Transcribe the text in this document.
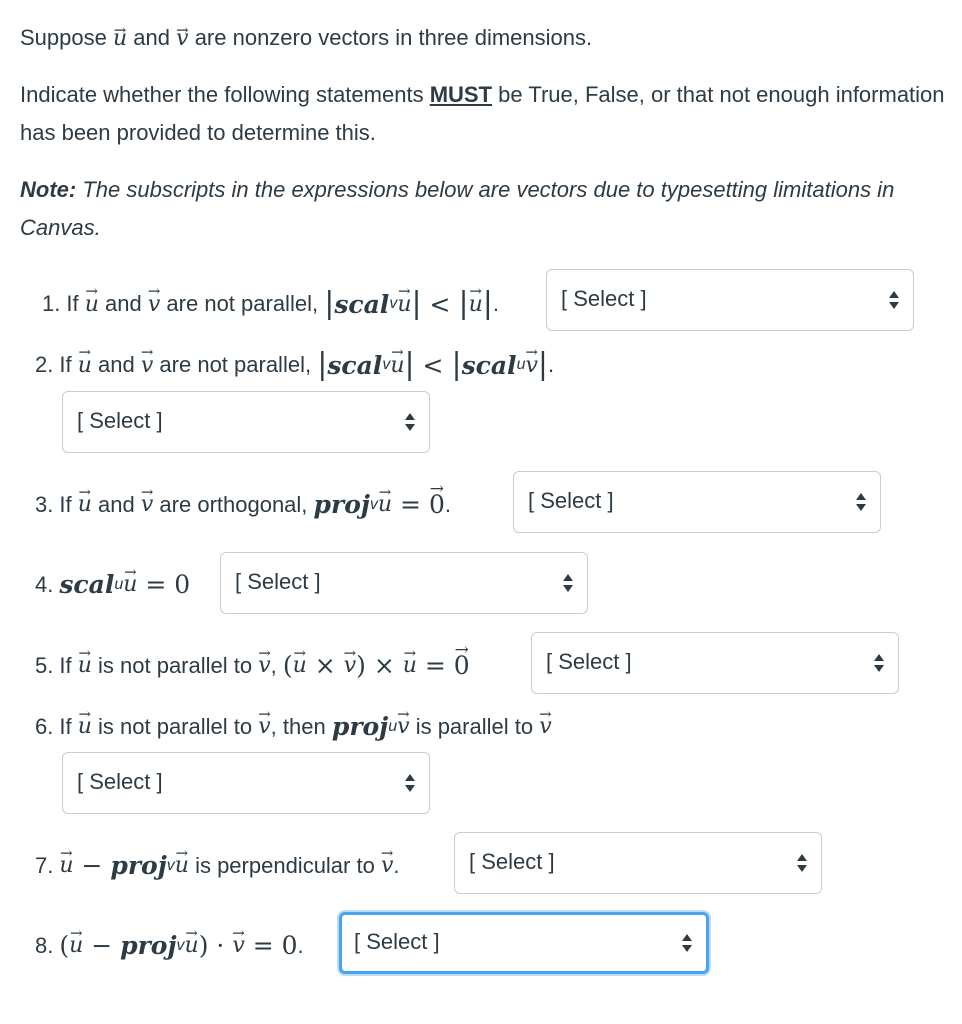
Suppose → u and → v are nonzero vectors in three dimensions.

Indicate whether the following statements MUST be True, False, or that not enough information has been provided to determine this.

Note: The subscripts in the expressions below are vectors due to typesetting limitations in Canvas.

1. If
→ u
and
→ v
are not parallel,
| scal v → u |
<
| → u | .	[ Select ]
2. If
→ u
and
→ v
are not parallel,
| scal v → u |
<
| scal u → v | .
[ Select ]
3. If
→ u
and
→ v
are orthogonal,
proj v → u
=
→ 0 .	[ Select ]
4. scal u → u
=
0 [ Select ]
5. If
→ u
is not parallel to
→ v , ( → u
×
→ v )
×
→ u
=
→ 0	[ Select ]
6. If
→ u
is not parallel to
→ v , then
proj u → v
is parallel to
→ v
[ Select ]
7. → u
−
proj v → u
is perpendicular to
→ v .	[ Select ]
8. ( → u
−
proj v → u )
·
→ v
=
0 . [ Select ]
